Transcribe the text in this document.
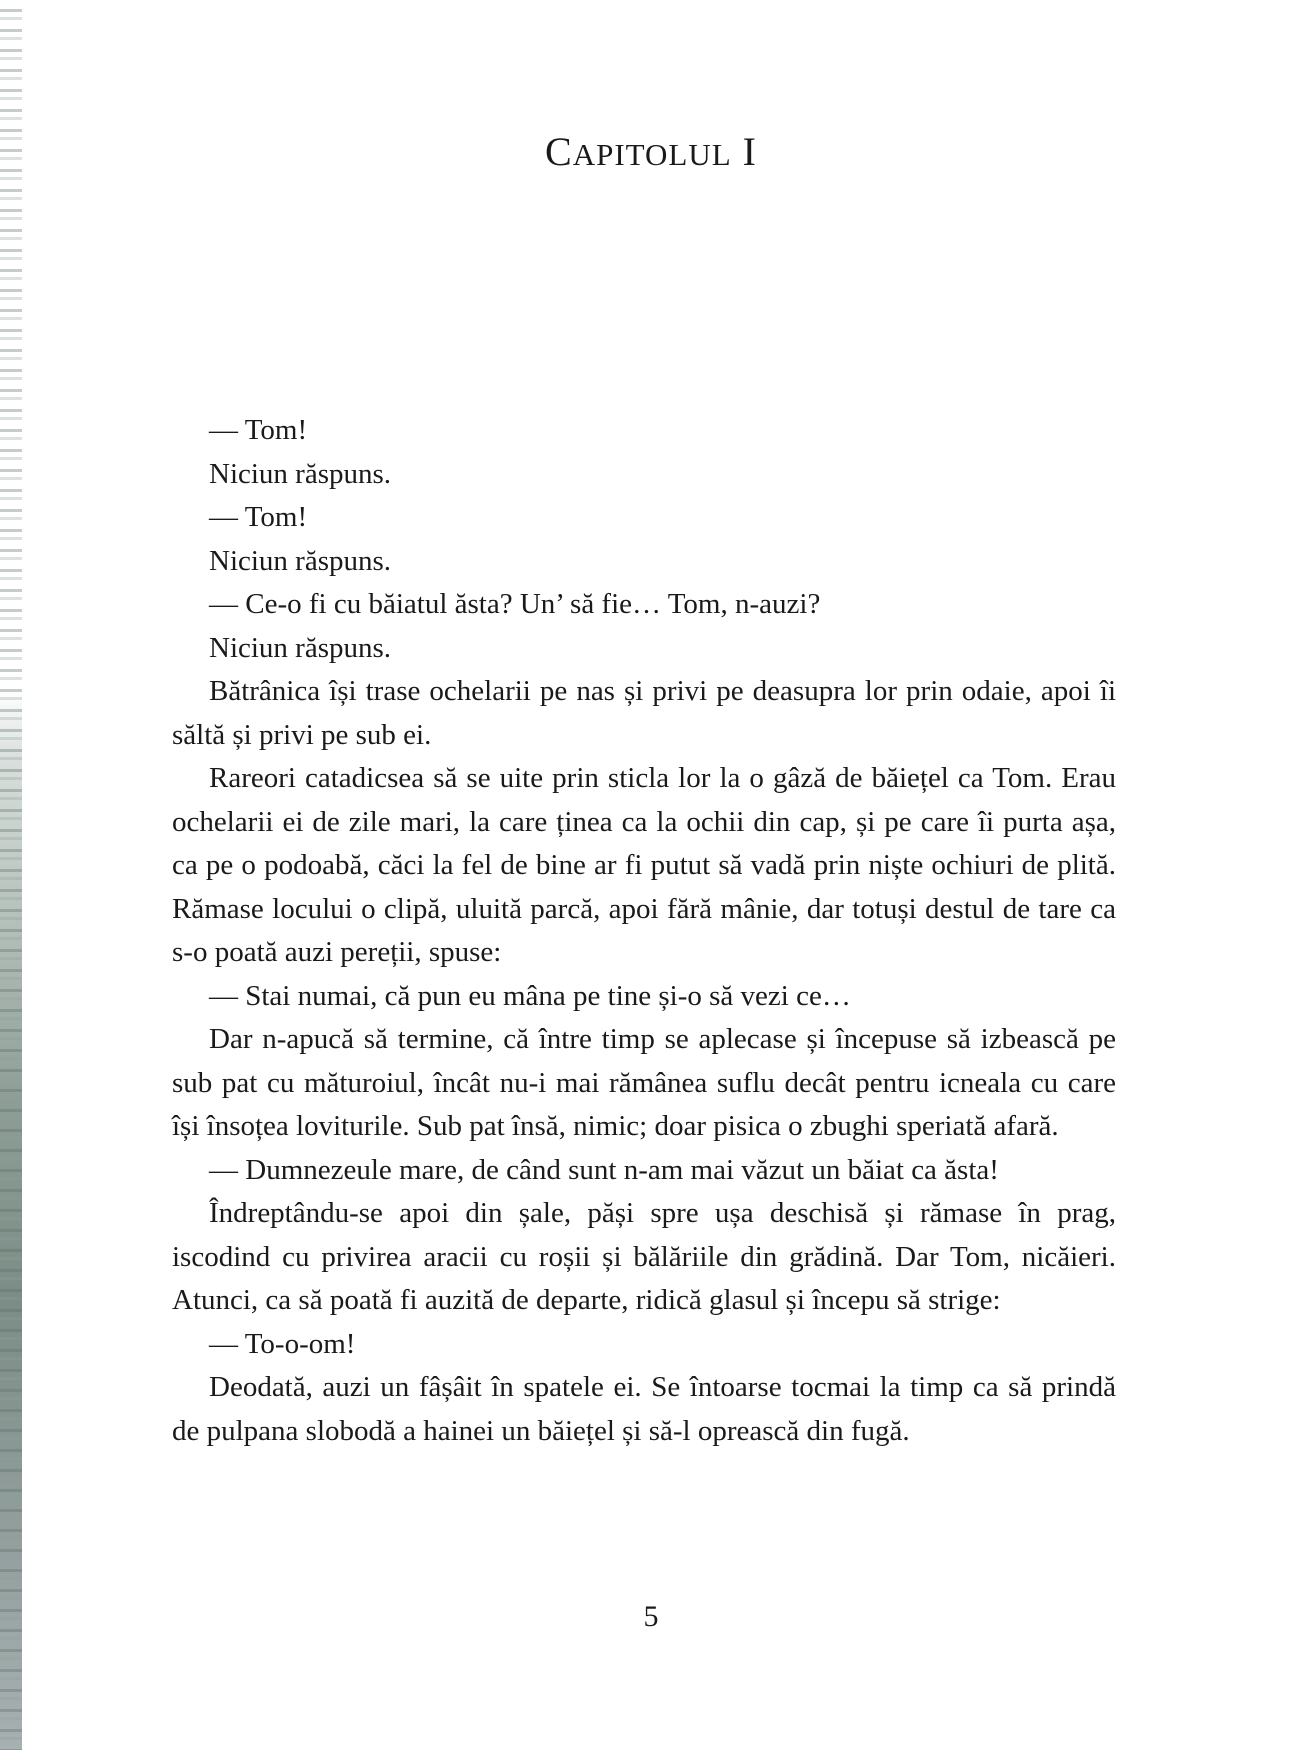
CAPITOLUL I

— Tom!

Niciun răspuns.

— Tom!

Niciun răspuns.

— Ce-o fi cu băiatul ăsta? Un’ să fie… Tom, n-auzi?

Niciun răspuns.

Bătrânica își trase ochelarii pe nas și privi pe deasupra lor prin odaie, apoi îi săltă și privi pe sub ei.

Rareori catadicsea să se uite prin sticla lor la o gâză de băiețel ca Tom. Erau ochelarii ei de zile mari, la care ținea ca la ochii din cap, și pe care îi purta așa, ca pe o podoabă, căci la fel de bine ar fi putut să vadă prin niște ochiuri de plită. Rămase locului o clipă, uluită parcă, apoi fără mânie, dar totuși destul de tare ca s-o poată auzi pereții, spuse:

— Stai numai, că pun eu mâna pe tine și-o să vezi ce…

Dar n-apucă să termine, că între timp se aplecase și începuse să izbească pe sub pat cu măturoiul, încât nu-i mai rămânea suflu decât pentru icneala cu care își însoțea loviturile. Sub pat însă, nimic; doar pisica o zbughi speriată afară.

— Dumnezeule mare, de când sunt n-am mai văzut un băiat ca ăsta!

Îndreptându-se apoi din șale, păși spre ușa deschisă și rămase în prag, iscodind cu privirea aracii cu roșii și bălăriile din grădină. Dar Tom, nicăieri. Atunci, ca să poată fi auzită de departe, ridică glasul și începu să strige:

— To-o-om!

Deodată, auzi un fâșâit în spatele ei. Se întoarse tocmai la timp ca să prindă de pulpana slobodă a hainei un băiețel și să-l oprească din fugă.

5
